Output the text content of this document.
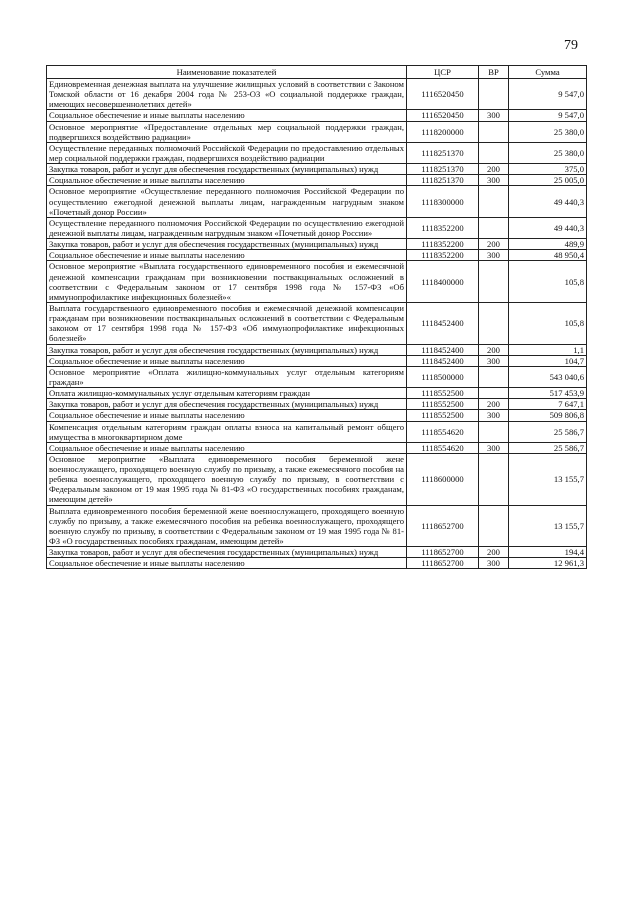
79
Наименование показателей	ЦСР	ВР	Сумма
Единовременная денежная выплата на улучшение жилищных условий в соответствии с Законом Томской области от 16 декабря 2004 года № 253-ОЗ «О социальной поддержке граждан, имеющих несовершеннолетних детей»	1116520450		9 547,0
Социальное обеспечение и иные выплаты населению	1116520450	300	9 547,0
Основное мероприятие «Предоставление отдельных мер социальной поддержки граждан, подвергшихся воздействию радиации»	1118200000		25 380,0
Осуществление переданных полномочий Российской Федерации по предоставлению отдельных мер социальной поддержки граждан, подвергшихся воздействию радиации	1118251370		25 380,0
Закупка товаров, работ и услуг для обеспечения государственных (муниципальных) нужд	1118251370	200	375,0
Социальное обеспечение и иные выплаты населению	1118251370	300	25 005,0
Основное мероприятие «Осуществление переданного полномочия Российской Федерации по осуществлению ежегодной денежной выплаты лицам, награжденным нагрудным знаком «Почетный донор России»	1118300000		49 440,3
Осуществление переданного полномочия Российской Федерации по осуществлению ежегодной денежной выплаты лицам, награжденным нагрудным знаком «Почетный донор России»	1118352200		49 440,3
Закупка товаров, работ и услуг для обеспечения государственных (муниципальных) нужд	1118352200	200	489,9
Социальное обеспечение и иные выплаты населению	1118352200	300	48 950,4
Основное мероприятие «Выплата государственного единовременного пособия и ежемесячной денежной компенсации гражданам при возникновении поствакцинальных осложнений в соответствии с Федеральным законом от 17 сентября 1998 года № 157-ФЗ «Об иммунопрофилактике инфекционных болезней»«	1118400000		105,8
Выплата государственного единовременного пособия и ежемесячной денежной компенсации гражданам при возникновении поствакцинальных осложнений в соответствии с Федеральным законом от 17 сентября 1998 года № 157-ФЗ «Об иммунопрофилактике инфекционных болезней»	1118452400		105,8
Закупка товаров, работ и услуг для обеспечения государственных (муниципальных) нужд	1118452400	200	1,1
Социальное обеспечение и иные выплаты населению	1118452400	300	104,7
Основное мероприятие «Оплата жилищно-коммунальных услуг отдельным категориям граждан»	1118500000		543 040,6
Оплата жилищно-коммунальных услуг отдельным категориям граждан	1118552500		517 453,9
Закупка товаров, работ и услуг для обеспечения государственных (муниципальных) нужд	1118552500	200	7 647,1
Социальное обеспечение и иные выплаты населению	1118552500	300	509 806,8
Компенсация отдельным категориям граждан оплаты взноса на капитальный ремонт общего имущества в многоквартирном доме	1118554620		25 586,7
Социальное обеспечение и иные выплаты населению	1118554620	300	25 586,7
Основное мероприятие «Выплата единовременного пособия беременной жене военнослужащего, проходящего военную службу по призыву, а также ежемесячного пособия на ребенка военнослужащего, проходящего военную службу по призыву, в соответствии с Федеральным законом от 19 мая 1995 года № 81-ФЗ «О государственных пособиях гражданам, имеющим детей»	1118600000		13 155,7
Выплата единовременного пособия беременной жене военнослужащего, проходящего военную службу по призыву, а также ежемесячного пособия на ребенка военнослужащего, проходящего военную службу по призыву, в соответствии с Федеральным законом от 19 мая 1995 года № 81-ФЗ «О государственных пособиях гражданам, имеющим детей»	1118652700		13 155,7
Закупка товаров, работ и услуг для обеспечения государственных (муниципальных) нужд	1118652700	200	194,4
Социальное обеспечение и иные выплаты населению	1118652700	300	12 961,3
